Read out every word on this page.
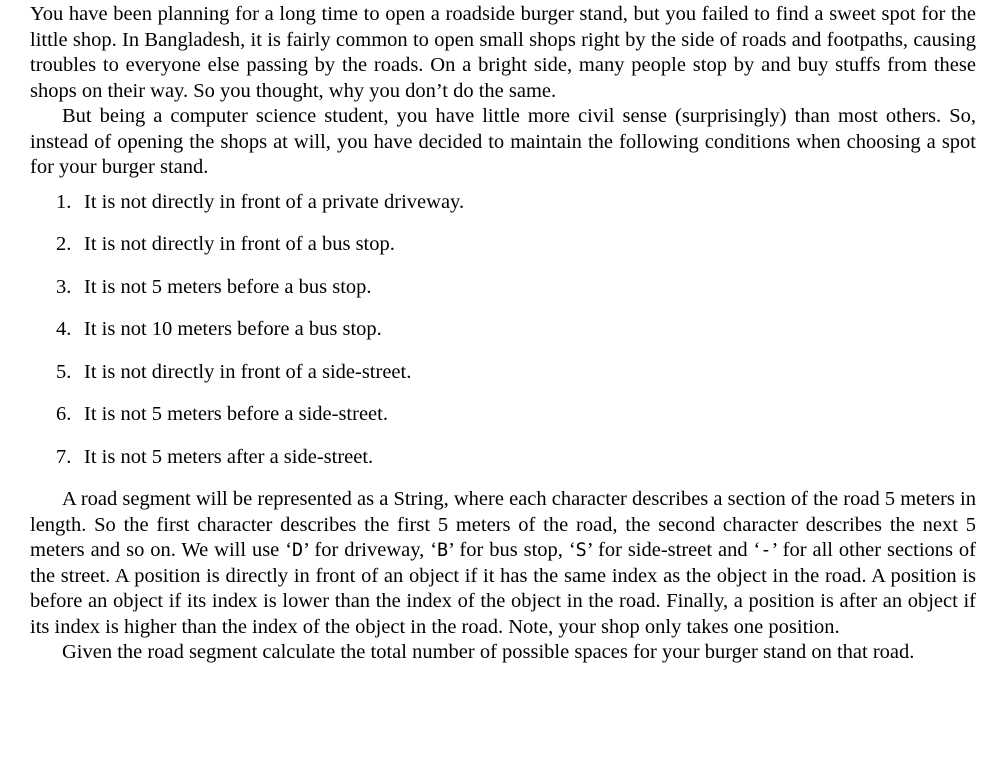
You have been planning for a long time to open a roadside burger stand, but you failed to find a sweet spot for the little shop. In Bangladesh, it is fairly common to open small shops right by the side of roads and footpaths, causing troubles to everyone else passing by the roads. On a bright side, many people stop by and buy stuffs from these shops on their way. So you thought, why you don’t do the same.

But being a computer science student, you have little more civil sense (surprisingly) than most others. So, instead of opening the shops at will, you have decided to maintain the following conditions when choosing a spot for your burger stand.

1. It is not directly in front of a private driveway.
2. It is not directly in front of a bus stop.
3. It is not 5 meters before a bus stop.
4. It is not 10 meters before a bus stop.
5. It is not directly in front of a side-street.
6. It is not 5 meters before a side-street.
7. It is not 5 meters after a side-street.

A road segment will be represented as a String, where each character describes a section of the road 5 meters in length. So the first character describes the first 5 meters of the road, the second character describes the next 5 meters and so on. We will use ‘D’ for driveway, ‘B’ for bus stop, ‘S’ for side-street and ‘-’ for all other sections of the street. A position is directly in front of an object if it has the same index as the object in the road. A position is before an object if its index is lower than the index of the object in the road. Finally, a position is after an object if its index is higher than the index of the object in the road. Note, your shop only takes one position.

Given the road segment calculate the total number of possible spaces for your burger stand on that road.
